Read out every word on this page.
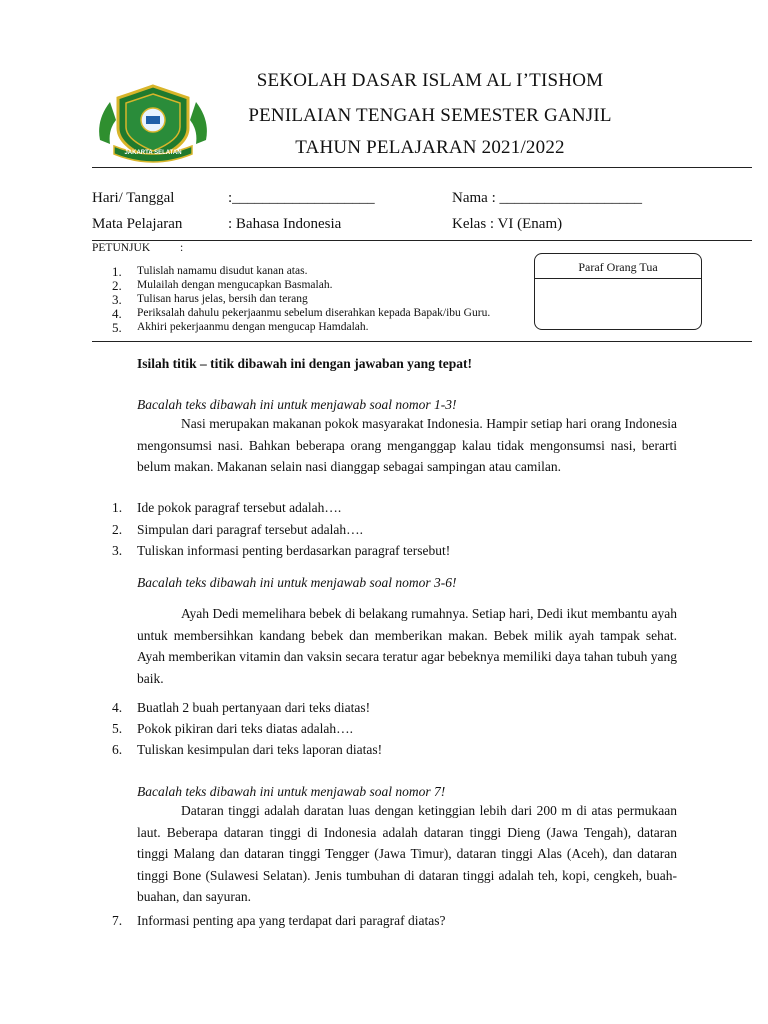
JAKARTA SELATAN
SEKOLAH DASAR ISLAM AL I’TISHOM
PENILAIAN TENGAH SEMESTER GANJIL
TAHUN PELAJARAN 2021/2022
Hari/ Tanggal	:___________________	Nama : ___________________
Mata Pelajaran	: Bahasa Indonesia	Kelas : VI (Enam)
PETUNJUK	:
1. Tulislah namamu disudut kanan atas.
2. Mulailah dengan mengucapkan Basmalah.
3. Tulisan harus jelas, bersih dan terang
4. Periksalah dahulu pekerjaanmu sebelum diserahkan kepada Bapak/ibu Guru.
5. Akhiri pekerjaanmu dengan mengucap Hamdalah.
Paraf Orang Tua
Isilah titik – titik dibawah ini dengan jawaban yang tepat!
Bacalah teks dibawah ini untuk menjawab soal nomor 1-3!
Nasi merupakan makanan pokok masyarakat Indonesia. Hampir setiap hari orang Indonesia mengonsumsi nasi. Bahkan beberapa orang menganggap kalau tidak mengonsumsi nasi, berarti belum makan. Makanan selain nasi dianggap sebagai sampingan atau camilan.
1. Ide pokok paragraf tersebut adalah….
2. Simpulan dari paragraf tersebut adalah….
3. Tuliskan informasi penting berdasarkan paragraf tersebut!
Bacalah teks dibawah ini untuk menjawab soal nomor 3-6!
Ayah Dedi memelihara bebek di belakang rumahnya. Setiap hari, Dedi ikut membantu ayah untuk membersihkan kandang bebek dan memberikan makan. Bebek milik ayah tampak sehat. Ayah memberikan vitamin dan vaksin secara teratur agar bebeknya memiliki daya tahan tubuh yang baik.
4. Buatlah 2 buah pertanyaan dari teks diatas!
5. Pokok pikiran dari teks diatas adalah….
6. Tuliskan kesimpulan dari teks laporan diatas!
Bacalah teks dibawah ini untuk menjawab soal nomor 7!
Dataran tinggi adalah daratan luas dengan ketinggian lebih dari 200 m di atas permukaan laut. Beberapa dataran tinggi di Indonesia adalah dataran tinggi Dieng (Jawa Tengah), dataran tinggi Malang dan dataran tinggi Tengger (Jawa Timur), dataran tinggi Alas (Aceh), dan dataran tinggi Bone (Sulawesi Selatan). Jenis tumbuhan di dataran tinggi adalah teh, kopi, cengkeh, buah-buahan, dan sayuran.
7. Informasi penting apa yang terdapat dari paragraf diatas?
